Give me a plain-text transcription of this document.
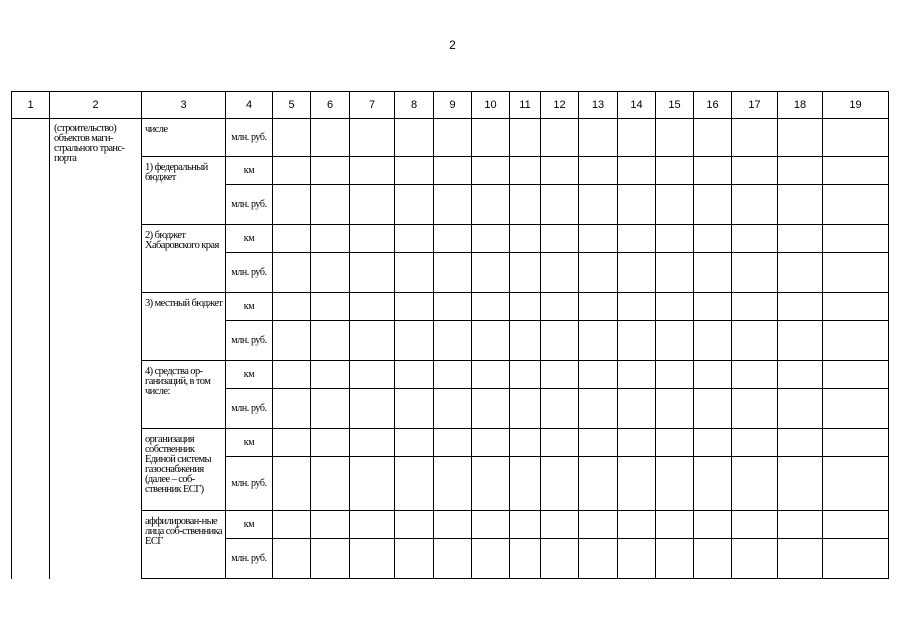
2
1	2	3	4	5	6	7	8	9	10	11	12	13	14	15	16	17	18	19

	(строительство) объектов маги-стрального транс-порта	числе	млн. руб.															

		1) федеральный бюджет	км															
			млн. руб.															

		2) бюджет Хабаровского края	км															
			млн. руб.															

		3) местный бюджет	км															
			млн. руб.															

		4) средства ор-ганизаций, в том числе:	км															
			млн. руб.															

		организация собственник Единой системы газоснабжения (далее – соб-ственник ЕСГ)	км															
			млн. руб.															

		аффилирован-ные лица соб-ственника ЕСГ	км															
			млн. руб.															
